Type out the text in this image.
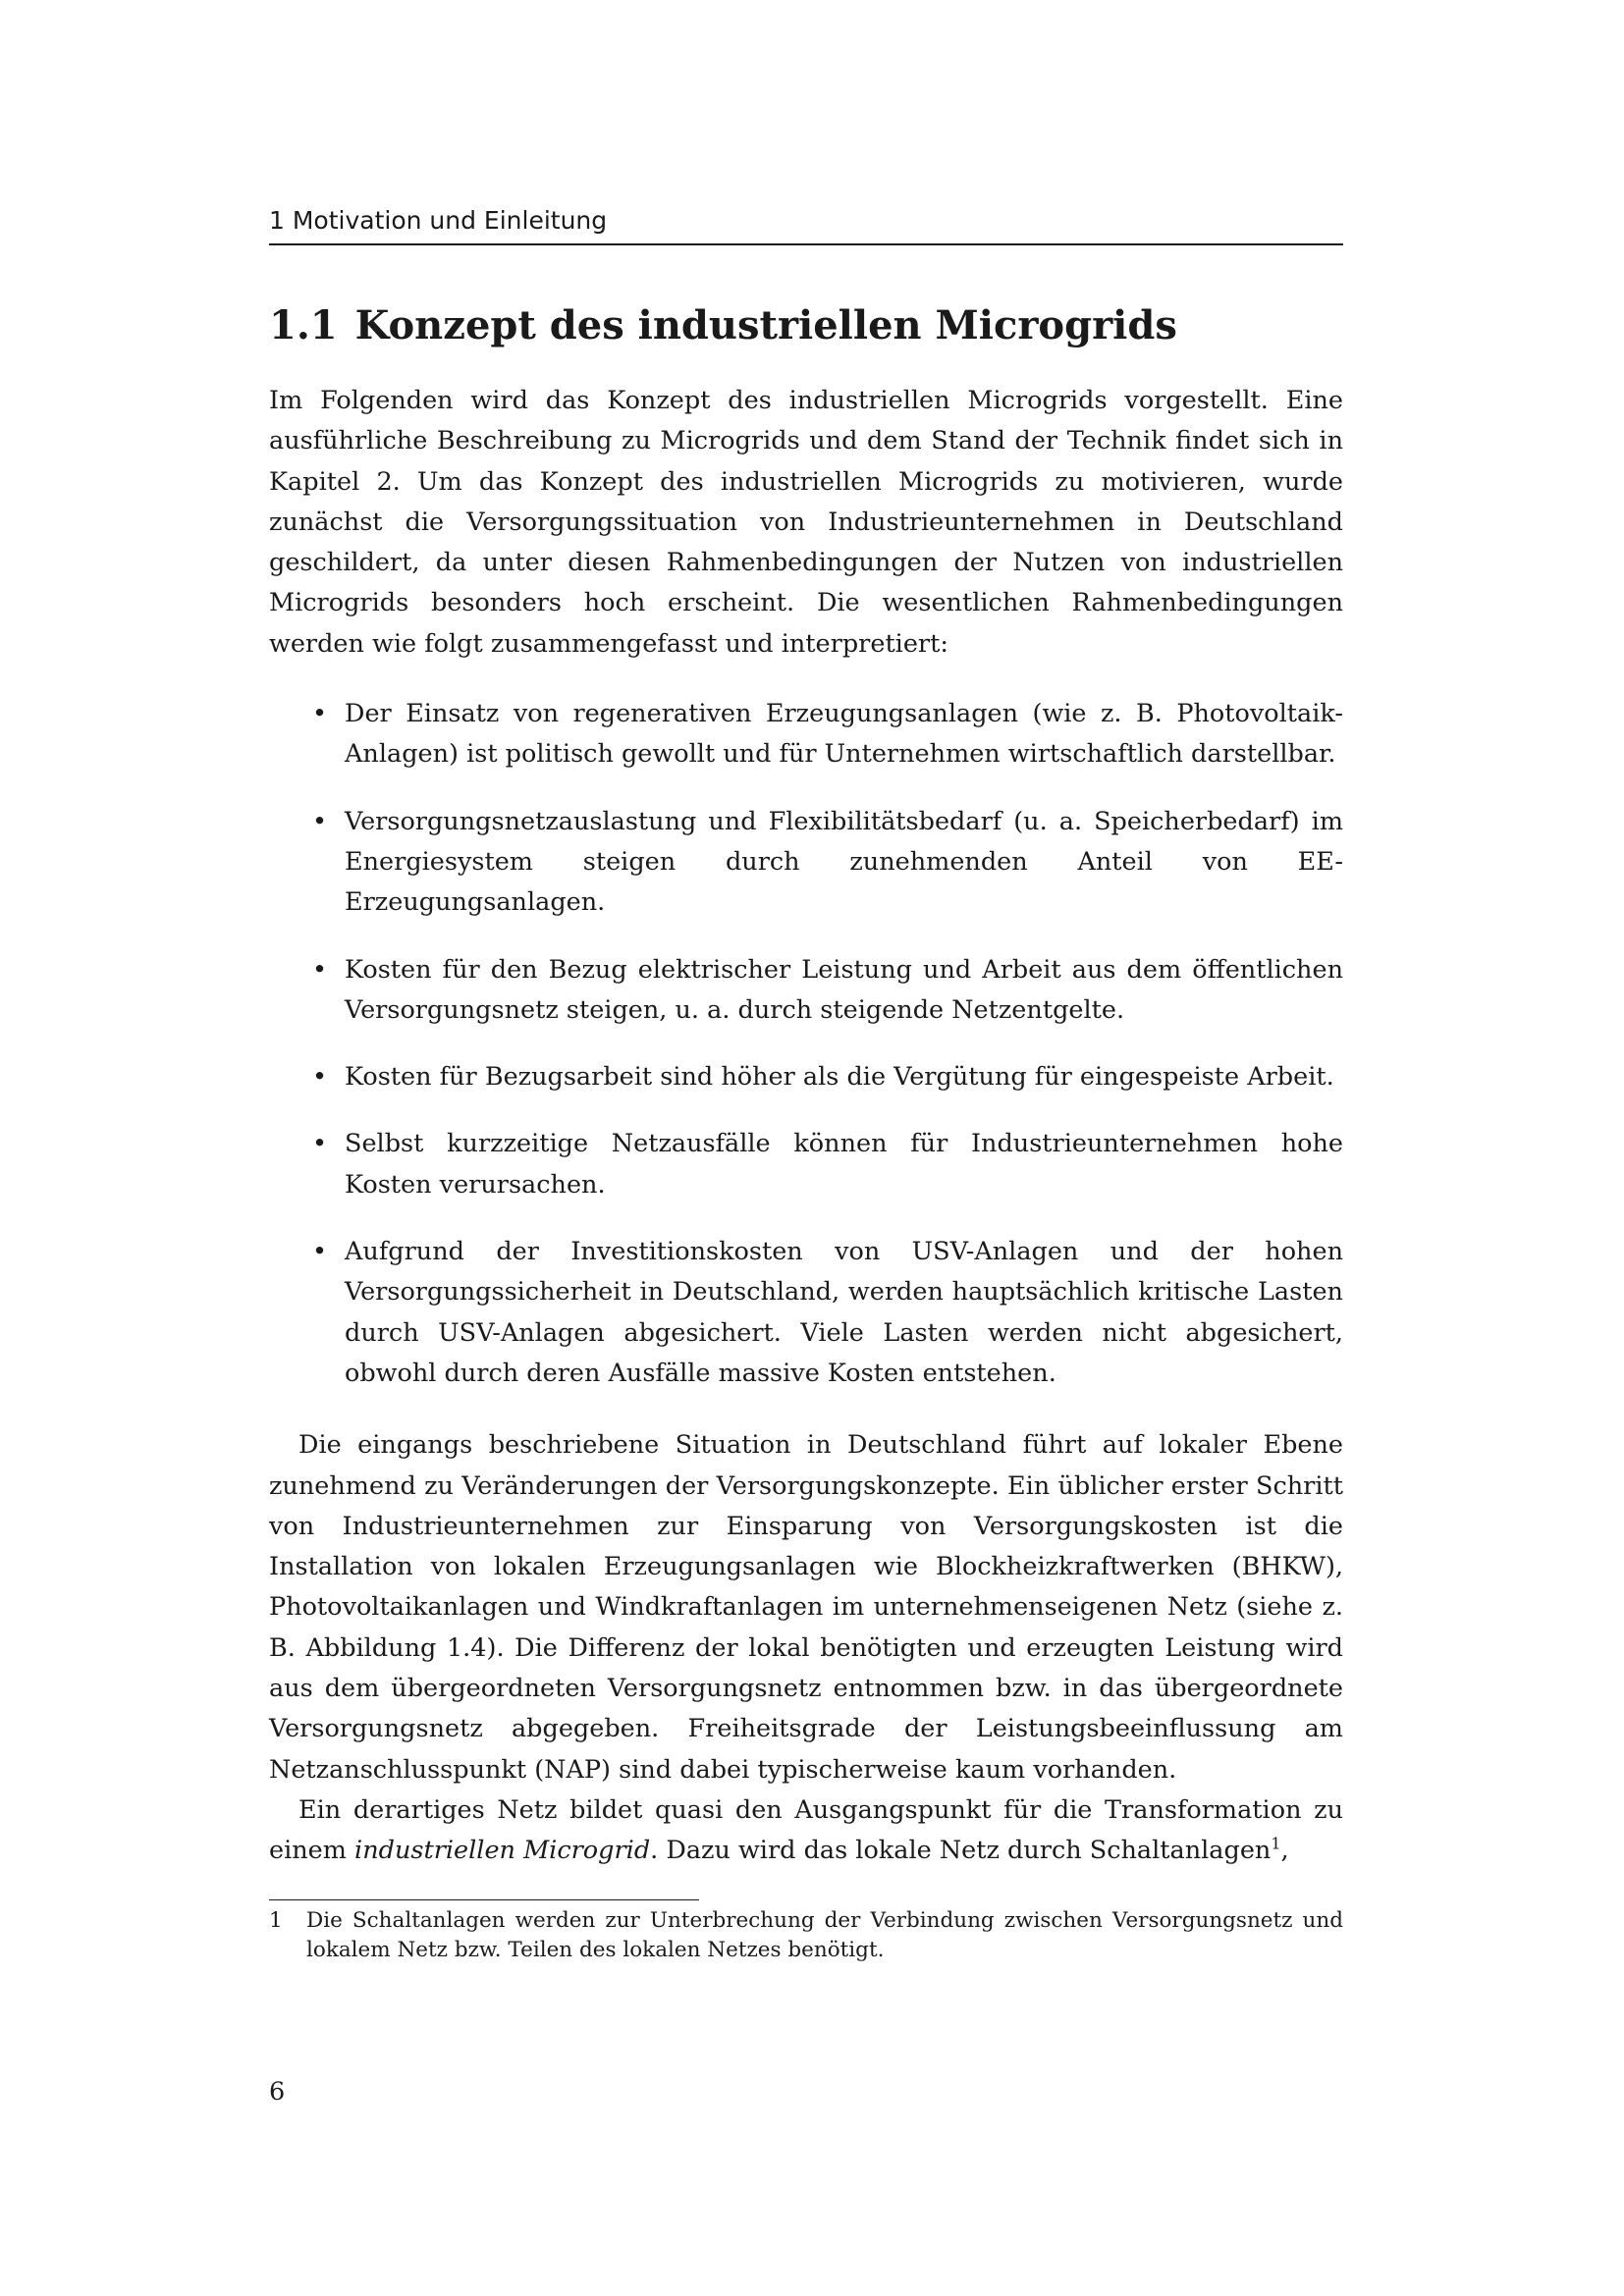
1 Motivation und Einleitung
1.1 Konzept des industriellen Microgrids

Im Folgenden wird das Konzept des industriellen Microgrids vorgestellt. Eine ausführliche Beschreibung zu Microgrids und dem Stand der Technik findet sich in Kapitel 2. Um das Konzept des industriellen Microgrids zu motivieren, wurde zunächst die Versorgungssituation von Industrieunternehmen in Deutschland geschildert, da unter diesen Rahmenbedingungen der Nutzen von industriellen Microgrids besonders hoch erscheint. Die wesentlichen Rahmenbedingungen werden wie folgt zusammengefasst und interpretiert:

• Der Einsatz von regenerativen Erzeugungsanlagen (wie z. B. Photovoltaik-Anlagen) ist politisch gewollt und für Unternehmen wirtschaftlich darstellbar.
• Versorgungsnetzauslastung und Flexibilitätsbedarf (u. a. Speicherbedarf) im Energiesystem steigen durch zunehmenden Anteil von EE-Erzeugungsanlagen.
• Kosten für den Bezug elektrischer Leistung und Arbeit aus dem öffentlichen Versorgungsnetz steigen, u. a. durch steigende Netzentgelte.
• Kosten für Bezugsarbeit sind höher als die Vergütung für eingespeiste Arbeit.
• Selbst kurzzeitige Netzausfälle können für Industrieunternehmen hohe Kosten verursachen.
• Aufgrund der Investitionskosten von USV-Anlagen und der hohen Versorgungssicherheit in Deutschland, werden hauptsächlich kritische Lasten durch USV-Anlagen abgesichert. Viele Lasten werden nicht abgesichert, obwohl durch deren Ausfälle massive Kosten entstehen.

Die eingangs beschriebene Situation in Deutschland führt auf lokaler Ebene zunehmend zu Veränderungen der Versorgungskonzepte. Ein üblicher erster Schritt von Industrieunternehmen zur Einsparung von Versorgungskosten ist die Installation von lokalen Erzeugungsanlagen wie Blockheizkraftwerken (BHKW), Photovoltaikanlagen und Windkraftanlagen im unternehmenseigenen Netz (siehe z. B. Abbildung 1.4). Die Differenz der lokal benötigten und erzeugten Leistung wird aus dem übergeordneten Versorgungsnetz entnommen bzw. in das übergeordnete Versorgungsnetz abgegeben. Freiheitsgrade der Leistungsbeeinflussung am Netzanschlusspunkt (NAP) sind dabei typischerweise kaum vorhanden.

Ein derartiges Netz bildet quasi den Ausgangspunkt für die Transformation zu einem industriellen Microgrid. Dazu wird das lokale Netz durch Schaltanlagen$^1$,

1	Die Schaltanlagen werden zur Unterbrechung der Verbindung zwischen Versorgungsnetz und lokalem Netz bzw. Teilen des lokalen Netzes benötigt.
6
